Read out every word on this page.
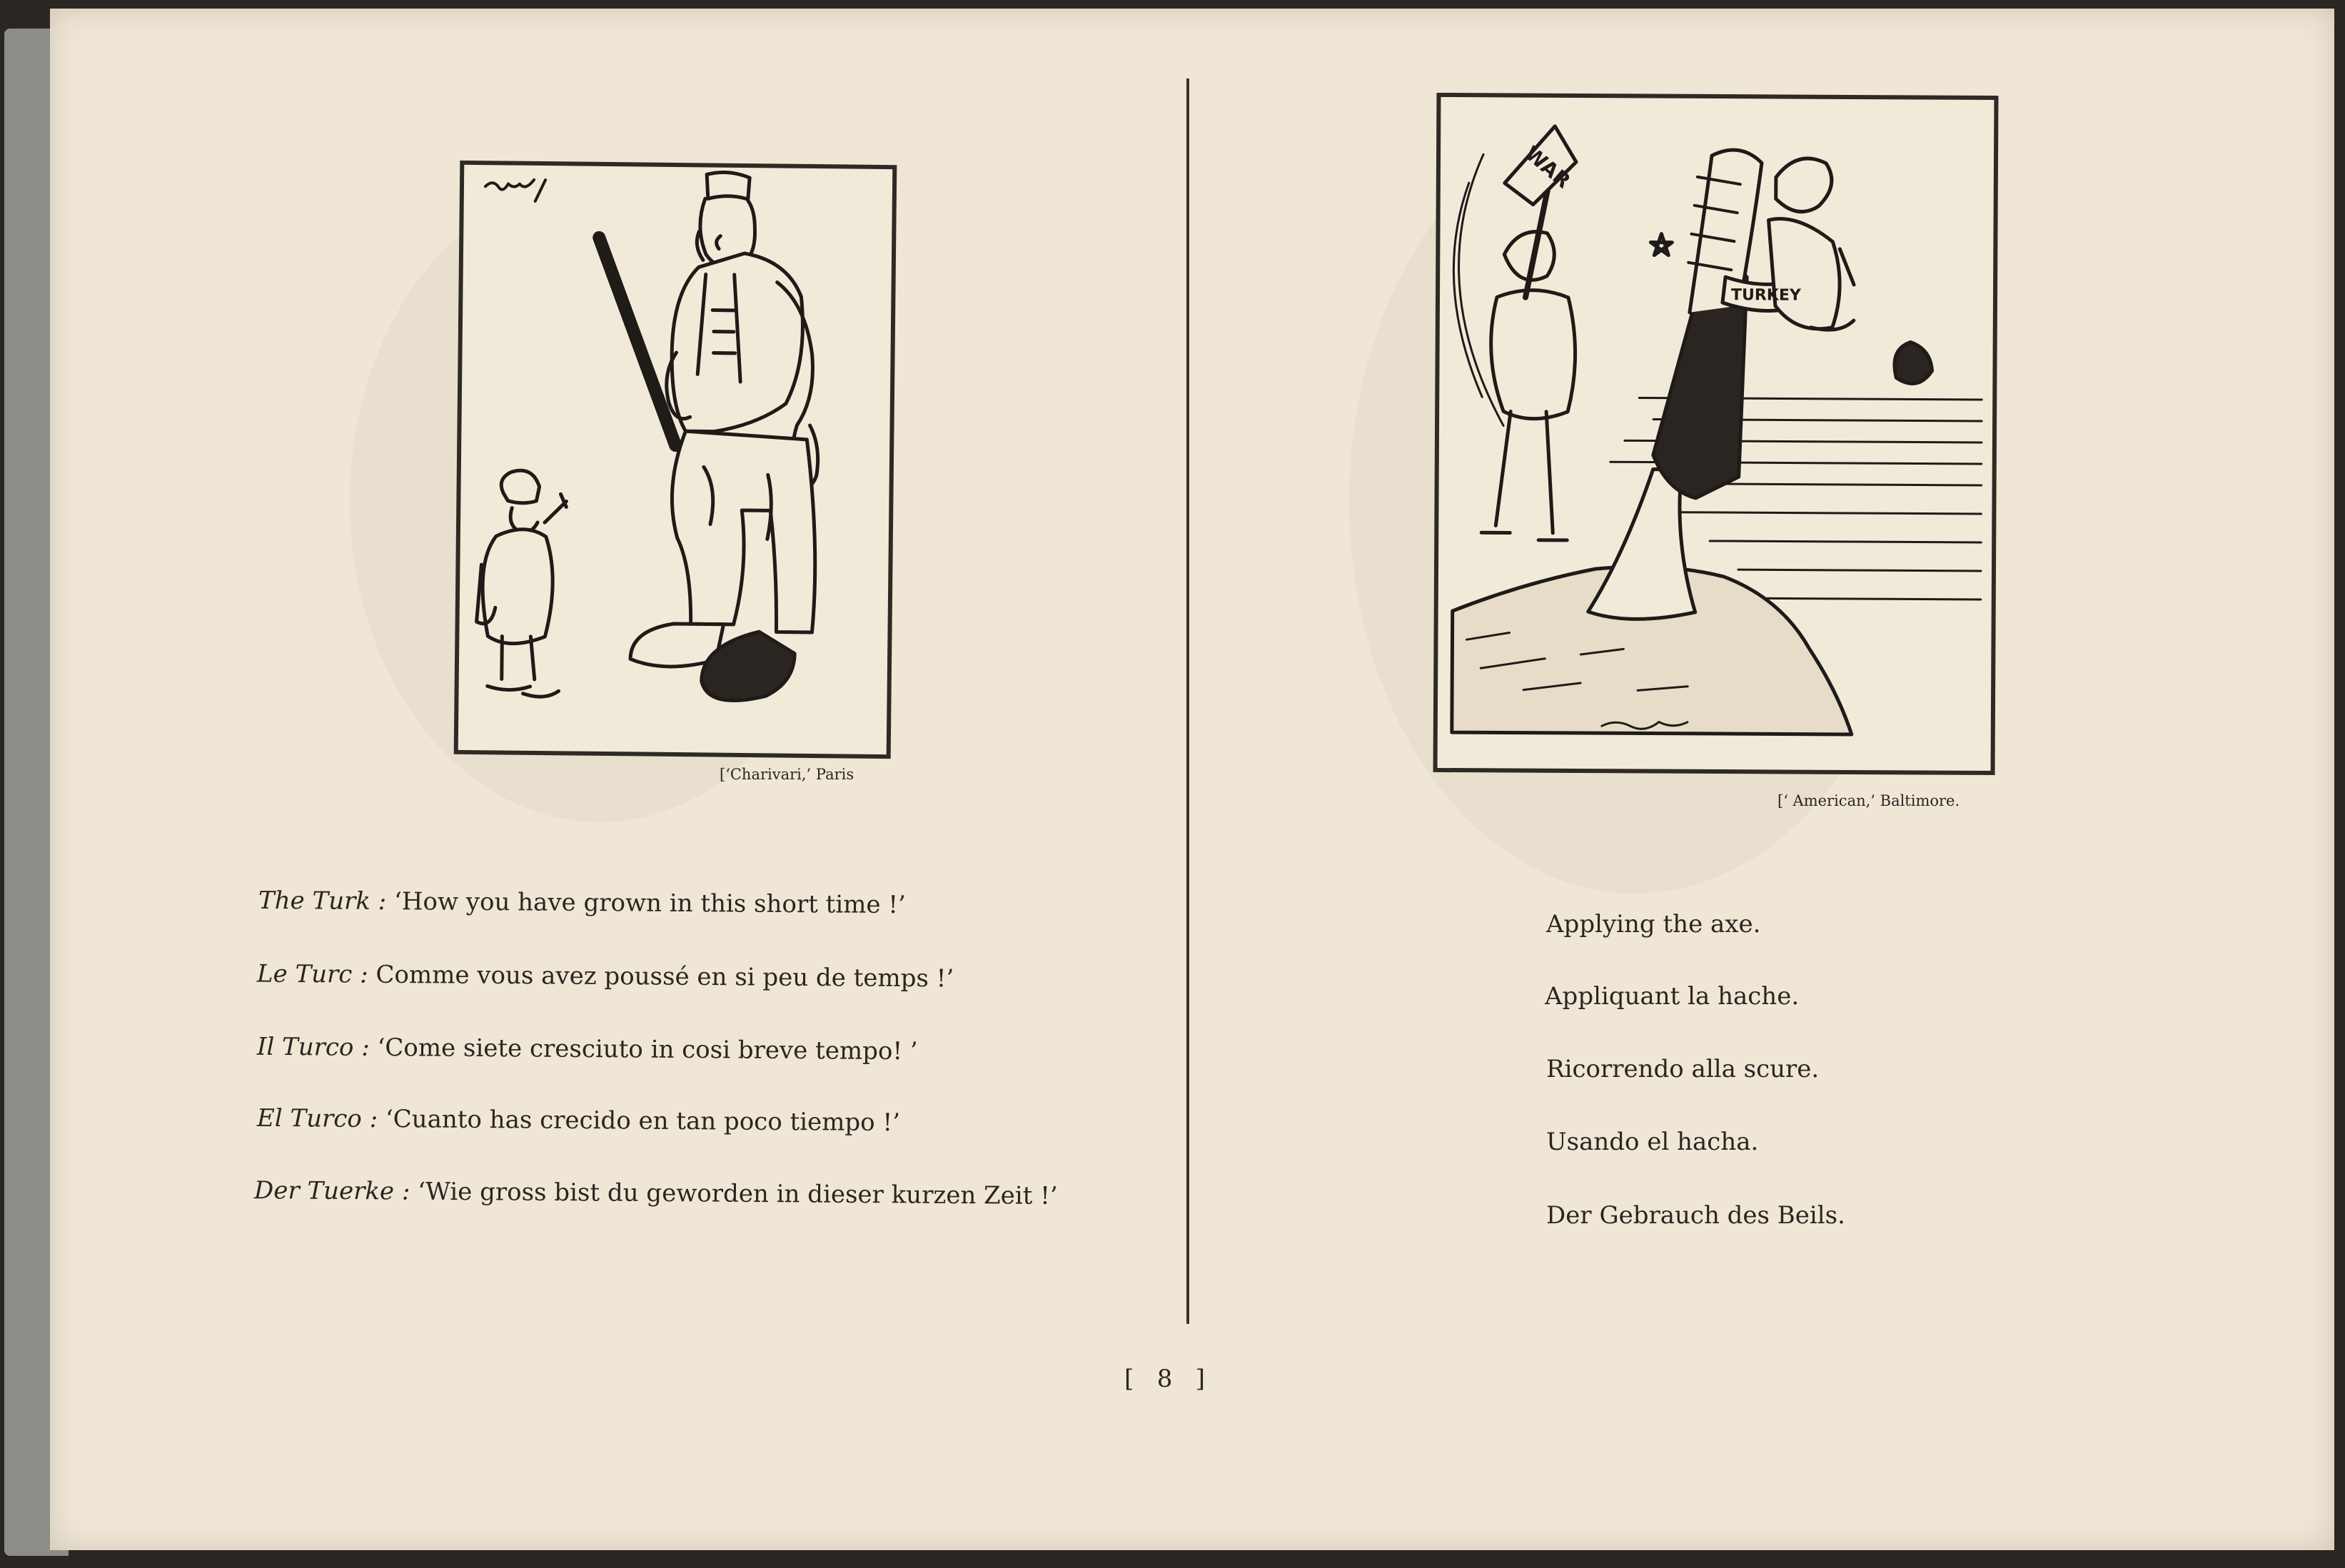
[‘Charivari,’ Paris
The Turk : ‘How you have grown in this short time !’
Le Turc : Comme vous avez poussé en si peu de temps !’
Il Turco : ‘Come siete cresciuto in cosi breve tempo! ’
El Turco : ‘Cuanto has crecido en tan poco tiempo !’
Der Tuerke : ‘Wie gross bist du geworden in dieser kurzen Zeit !’
WAR
TURKEY
[‘ American,’ Baltimore.
Applying the axe.
Appliquant la hache.
Ricorrendo alla scure.
Usando el hacha.
Der Gebrauch des Beils.
[   8   ]
